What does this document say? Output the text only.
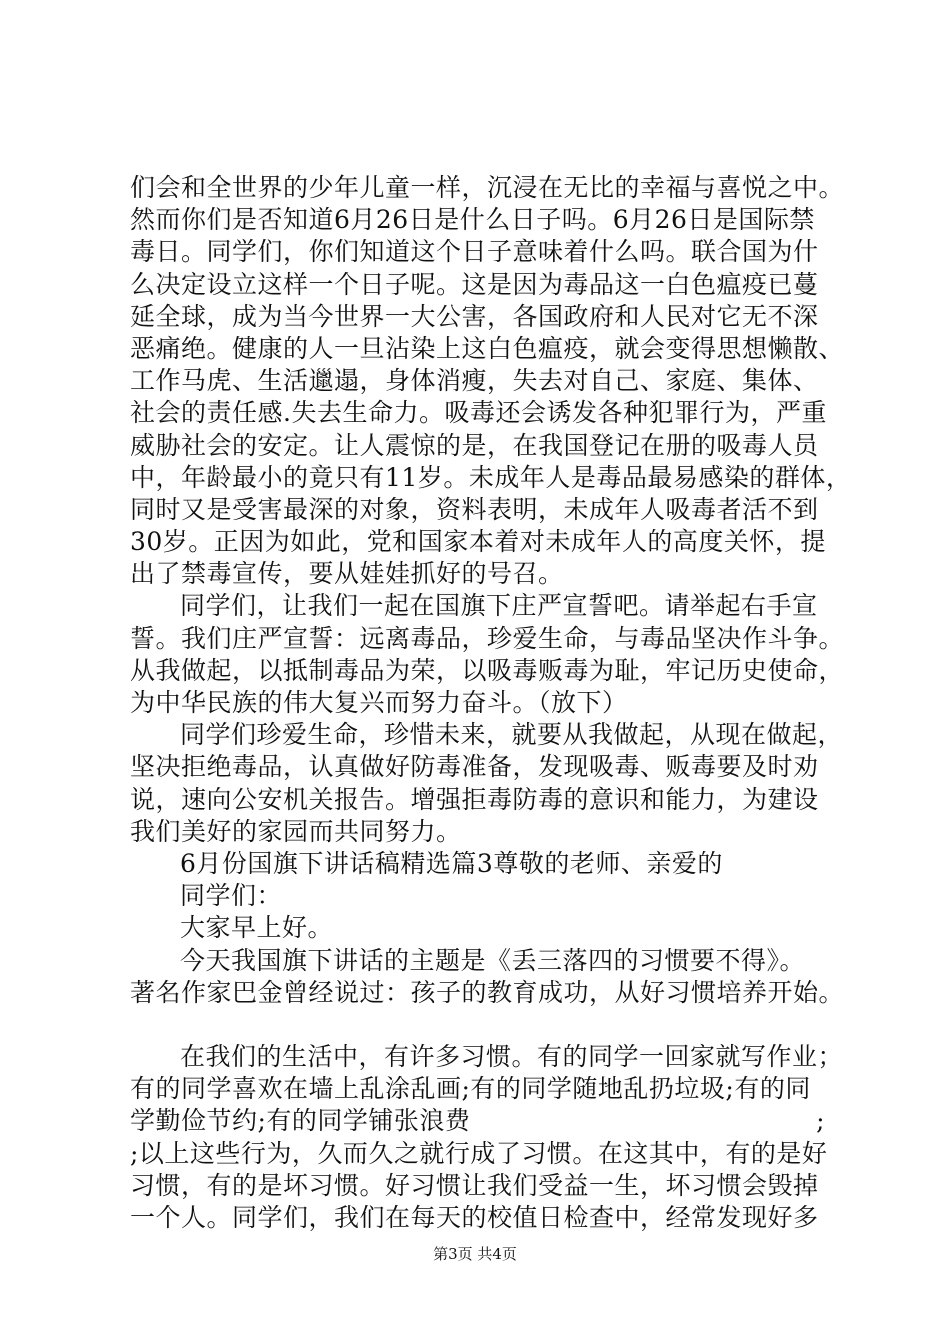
们会和全世界的少年儿童一样，沉浸在无比的幸福与喜悦之中。
然而你们是否知道6月26日是什么日子吗。6月26日是国际禁
毒日。同学们，你们知道这个日子意味着什么吗。联合国为什
么决定设立这样一个日子呢。这是因为毒品这一白色瘟疫已蔓
延全球，成为当今世界一大公害，各国政府和人民对它无不深
恶痛绝。健康的人一旦沾染上这白色瘟疫，就会变得思想懒散、
工作马虎、生活邋遢，身体消瘦，失去对自己、家庭、集体、
社会的责任感.失去生命力。吸毒还会诱发各种犯罪行为，严重
威胁社会的安定。让人震惊的是，在我国登记在册的吸毒人员
中，年龄最小的竟只有11岁。未成年人是毒品最易感染的群体，
同时又是受害最深的对象，资料表明，未成年人吸毒者活不到
30岁。正因为如此，党和国家本着对未成年人的高度关怀，提
出了禁毒宣传，要从娃娃抓好的号召。
同学们，让我们一起在国旗下庄严宣誓吧。请举起右手宣
誓。我们庄严宣誓：远离毒品，珍爱生命，与毒品坚决作斗争。
从我做起，以抵制毒品为荣，以吸毒贩毒为耻，牢记历史使命，
为中华民族的伟大复兴而努力奋斗。（放下）
同学们珍爱生命，珍惜未来，就要从我做起，从现在做起，
坚决拒绝毒品，认真做好防毒准备，发现吸毒、贩毒要及时劝
说，速向公安机关报告。增强拒毒防毒的意识和能力，为建设
我们美好的家园而共同努力。
6月份国旗下讲话稿精选篇3尊敬的老师、亲爱的
同学们：
大家早上好。
今天我国旗下讲话的主题是《丢三落四的习惯要不得》。
著名作家巴金曾经说过：孩子的教育成功，从好习惯培养开始。
在我们的生活中，有许多习惯。有的同学一回家就写作业；
有的同学喜欢在墙上乱涂乱画;有的同学随地乱扔垃圾;有的同
学勤俭节约;有的同学铺张浪费	;
;以上这些行为，久而久之就行成了习惯。在这其中，有的是好
习惯，有的是坏习惯。好习惯让我们受益一生，坏习惯会毁掉
一个人。同学们，我们在每天的校值日检查中，经常发现好多
第3页 共4页
